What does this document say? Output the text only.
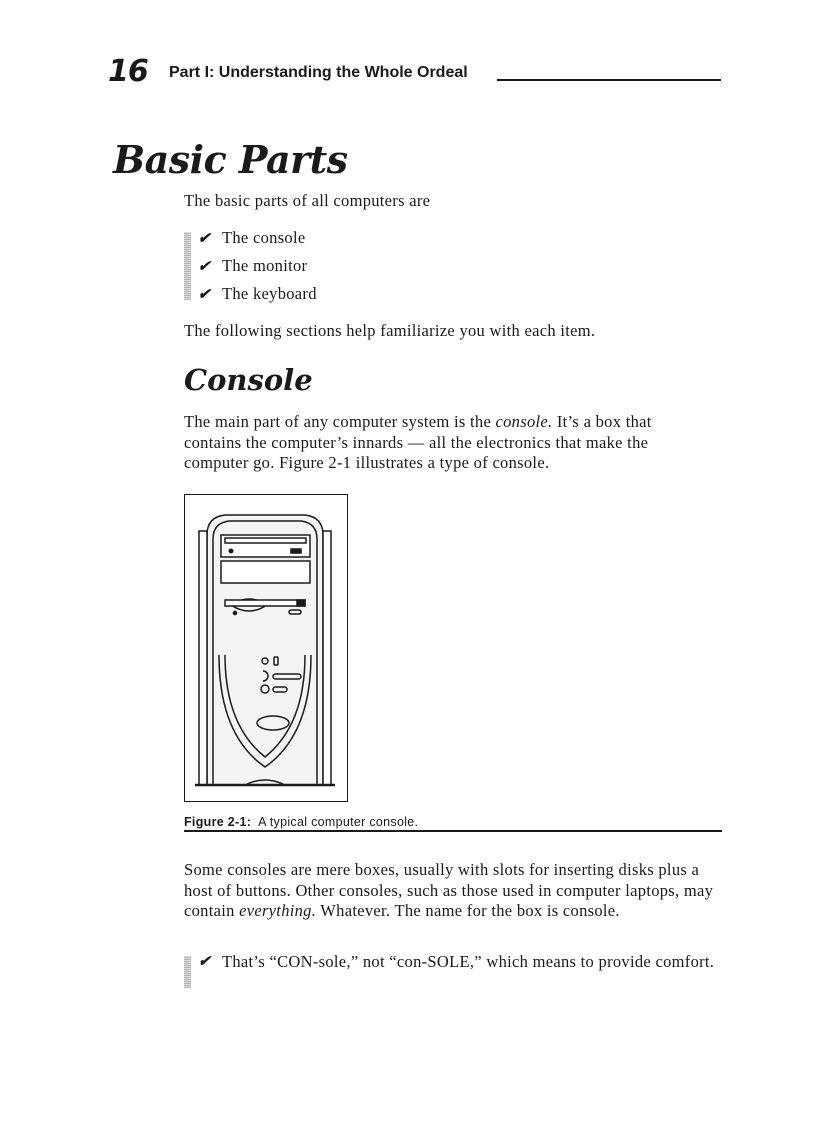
16 Part I: Understanding the Whole Ordeal
Basic Parts
The basic parts of all computers are
✔ The console
✔ The monitor
✔ The keyboard
The following sections help familiarize you with each item.
Console
The main part of any computer system is the console. It’s a box that contains the computer’s innards — all the electronics that make the computer go. Figure 2-1 illustrates a type of console.
Figure 2-1: A typical computer console.
Some consoles are mere boxes, usually with slots for inserting disks plus a host of buttons. Other consoles, such as those used in computer laptops, may contain everything. Whatever. The name for the box is console.
✔ That’s “CON-sole,” not “con-SOLE,” which means to provide comfort.
